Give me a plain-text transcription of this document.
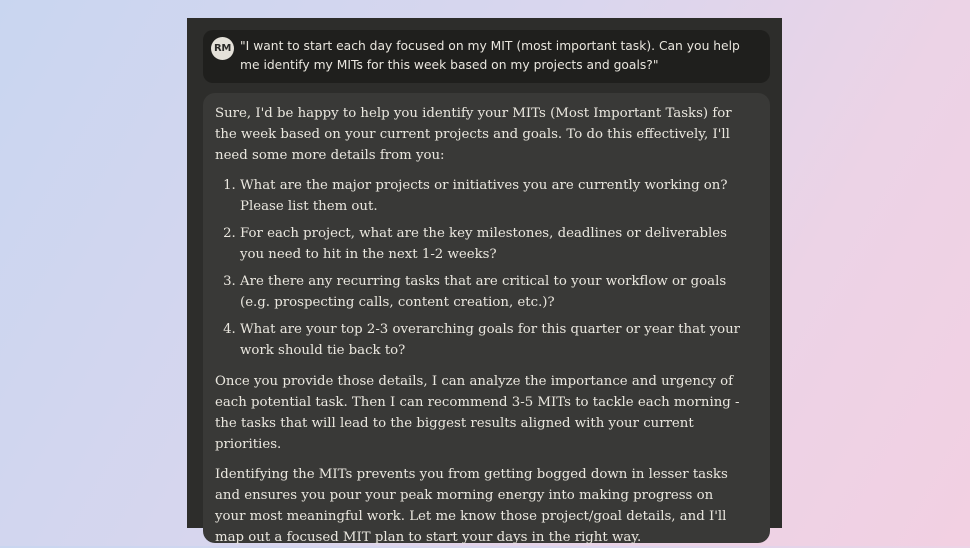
RM "I want to start each day focused on my MIT (most important task). Can you help me identify my MITs for this week based on my projects and goals?"

Sure, I'd be happy to help you identify your MITs (Most Important Tasks) for the week based on your current projects and goals. To do this effectively, I'll need some more details from you:

1. What are the major projects or initiatives you are currently working on? Please list them out.
2. For each project, what are the key milestones, deadlines or deliverables you need to hit in the next 1-2 weeks?
3. Are there any recurring tasks that are critical to your workflow or goals (e.g. prospecting calls, content creation, etc.)?
4. What are your top 2-3 overarching goals for this quarter or year that your work should tie back to?

Once you provide those details, I can analyze the importance and urgency of each potential task. Then I can recommend 3-5 MITs to tackle each morning - the tasks that will lead to the biggest results aligned with your current priorities.

Identifying the MITs prevents you from getting bogged down in lesser tasks and ensures you pour your peak morning energy into making progress on your most meaningful work. Let me know those project/goal details, and I'll map out a focused MIT plan to start your days in the right way.
